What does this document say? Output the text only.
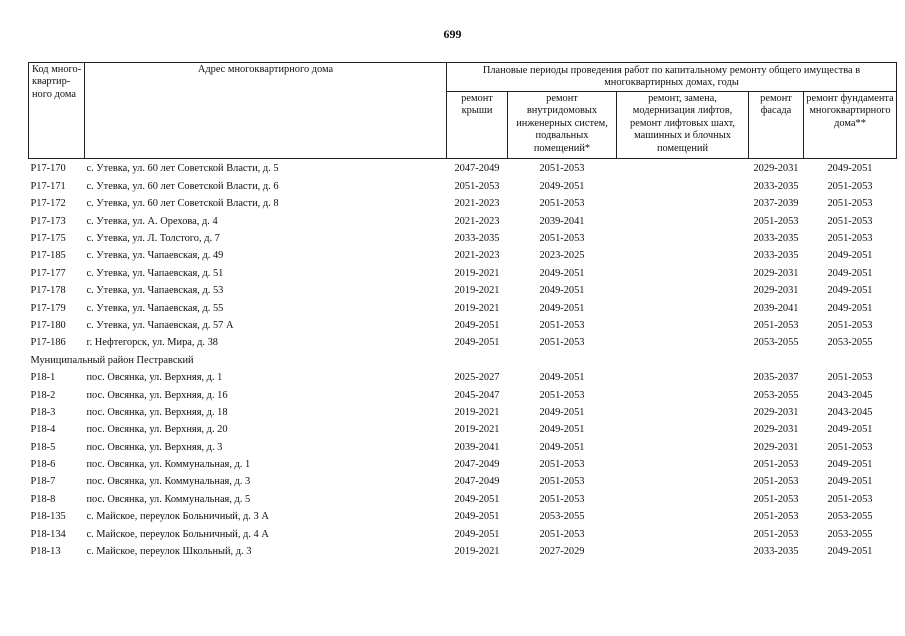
699
Код много-квартир-ного дома	Адрес многоквартирного дома	Плановые периоды проведения работ по капитальному ремонту общего имущества в многоквартирных домах, годы				
		ремонт крыши	ремонт внутридомовых инженерных систем, подвальных помещений*	ремонт, замена, модернизация лифтов, ремонт лифтовых шахт, машинных и блочных помещений	ремонт фасада	ремонт фундамента многоквартирного дома**
Р17-170	с. Утевка, ул. 60 лет Советской Власти, д. 5	2047-2049	2051-2053		2029-2031	2049-2051
Р17-171	с. Утевка, ул. 60 лет Советской Власти, д. 6	2051-2053	2049-2051		2033-2035	2051-2053
Р17-172	с. Утевка, ул. 60 лет Советской Власти, д. 8	2021-2023	2051-2053		2037-2039	2051-2053
Р17-173	с. Утевка, ул. А. Орехова, д. 4	2021-2023	2039-2041		2051-2053	2051-2053
Р17-175	с. Утевка, ул. Л. Толстого, д. 7	2033-2035	2051-2053		2033-2035	2051-2053
Р17-185	с. Утевка, ул. Чапаевская, д. 49	2021-2023	2023-2025		2033-2035	2049-2051
Р17-177	с. Утевка, ул. Чапаевская, д. 51	2019-2021	2049-2051		2029-2031	2049-2051
Р17-178	с. Утевка, ул. Чапаевская, д. 53	2019-2021	2049-2051		2029-2031	2049-2051
Р17-179	с. Утевка, ул. Чапаевская, д. 55	2019-2021	2049-2051		2039-2041	2049-2051
Р17-180	с. Утевка, ул. Чапаевская, д. 57 А	2049-2051	2051-2053		2051-2053	2051-2053
Р17-186	г. Нефтегорск, ул. Мира, д. 38	2049-2051	2051-2053		2053-2055	2053-2055
Муниципальный район Пестравский						
Р18-1	пос. Овсянка, ул. Верхняя, д. 1	2025-2027	2049-2051		2035-2037	2051-2053
Р18-2	пос. Овсянка, ул. Верхняя, д. 16	2045-2047	2051-2053		2053-2055	2043-2045
Р18-3	пос. Овсянка, ул. Верхняя, д. 18	2019-2021	2049-2051		2029-2031	2043-2045
Р18-4	пос. Овсянка, ул. Верхняя, д. 20	2019-2021	2049-2051		2029-2031	2049-2051
Р18-5	пос. Овсянка, ул. Верхняя, д. 3	2039-2041	2049-2051		2029-2031	2051-2053
Р18-6	пос. Овсянка, ул. Коммунальная, д. 1	2047-2049	2051-2053		2051-2053	2049-2051
Р18-7	пос. Овсянка, ул. Коммунальная, д. 3	2047-2049	2051-2053		2051-2053	2049-2051
Р18-8	пос. Овсянка, ул. Коммунальная, д. 5	2049-2051	2051-2053		2051-2053	2051-2053
Р18-135	с. Майское, переулок Больничный, д. 3 А	2049-2051	2053-2055		2051-2053	2053-2055
Р18-134	с. Майское, переулок Больничный, д. 4 А	2049-2051	2051-2053		2051-2053	2053-2055
Р18-13	с. Майское, переулок Школьный, д. 3	2019-2021	2027-2029		2033-2035	2049-2051
